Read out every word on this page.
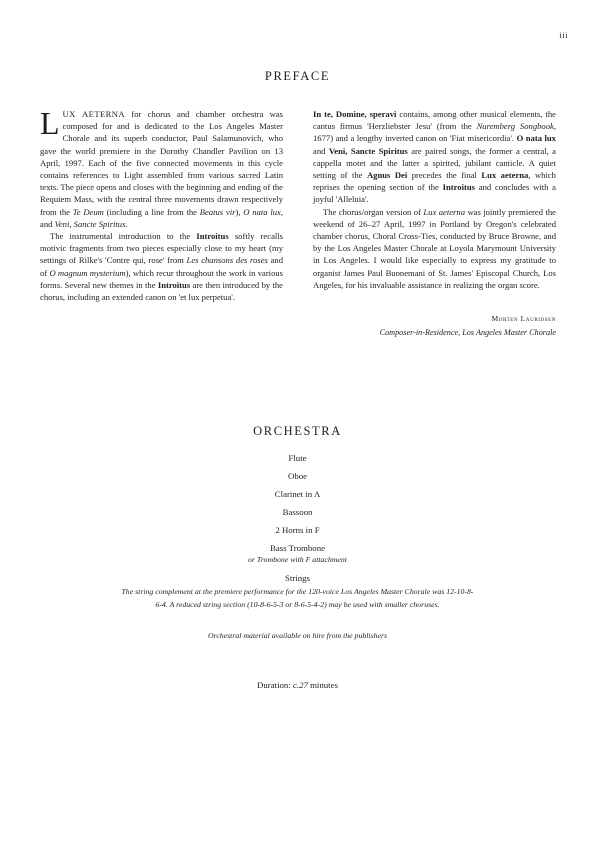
iii
PREFACE

LUX AETERNA for chorus and chamber orchestra was composed for and is dedicated to the Los Angeles Master Chorale and its superb conductor, Paul Salamunovich, who gave the world premiere in the Dorothy Chandler Pavilion on 13 April, 1997. Each of the five connected movements in this cycle contains references to Light assembled from various sacred Latin texts. The piece opens and closes with the beginning and ending of the Requiem Mass, with the central three movements drawn respectively from the Te Deum (including a line from the Beatus vir), O nata lux, and Veni, Sancte Spiritus.

The instrumental introduction to the Introitus softly recalls motivic fragments from two pieces especially close to my heart (my settings of Rilke's 'Contre qui, rose' from Les chansons des roses and of O magnum mysterium), which recur throughout the work in various forms. Several new themes in the Introitus are then introduced by the chorus, including an extended canon on 'et lux perpetua'.

In te, Domine, speravi contains, among other musical elements, the cantus firmus 'Herzliebster Jesu' (from the Nuremberg Songbook, 1677) and a lengthy inverted canon on 'Fiat misericordia'. O nata lux and Veni, Sancte Spiritus are paired songs, the former a central, a cappella motet and the latter a spirited, jubilant canticle. A quiet setting of the Agnus Dei precedes the final Lux aeterna, which reprises the opening section of the Introitus and concludes with a joyful 'Alleluia'.

The chorus/organ version of Lux aeterna was jointly premiered the weekend of 26–27 April, 1997 in Portland by Oregon's celebrated chamber chorus, Choral Cross-Ties, conducted by Bruce Browne, and by the Los Angeles Master Chorale at Loyola Marymount University in Los Angeles. I would like especially to express my gratitude to organist James Paul Buonemani of St. James' Episcopal Church, Los Angeles, for his invaluable assistance in realizing the organ score.

Morten Lauridsen
Composer-in-Residence, Los Angeles Master Chorale
ORCHESTRA
Flute
Oboe
Clarinet in A
Bassoon
2 Horns in F
Bass Trombone
or Trombone with F attachment
Strings
The string complement at the premiere performance for the 120-voice Los Angeles Master Chorale was 12-10-8-6-4. A reduced string section (10-8-6-5-3 or 8-6-5-4-2) may be used with smaller choruses.
Orchestral material available on hire from the publishers
Duration: c.27 minutes
